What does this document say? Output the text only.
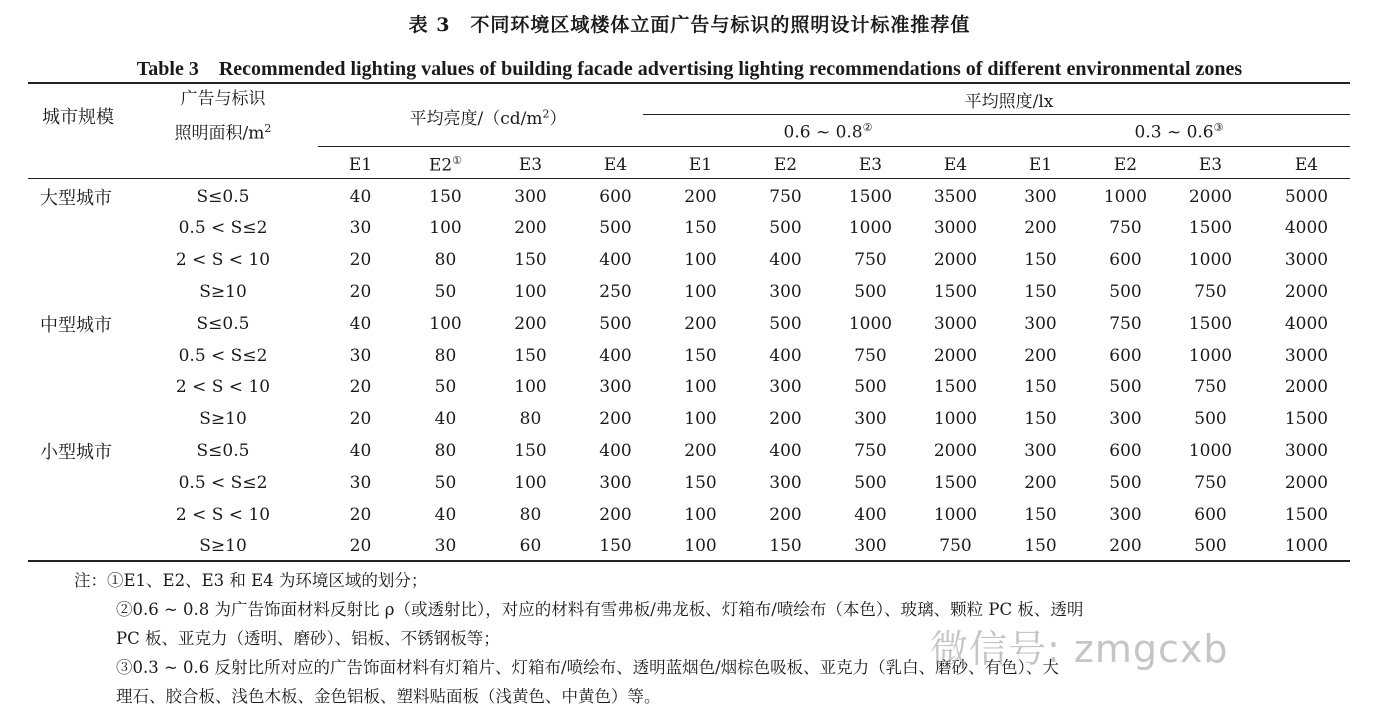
表 3　不同环境区域楼体立面广告与标识的照明设计标准推荐值
Table 3　Recommended lighting values of building facade advertising lighting recommendations of different environmental zones
城市规模	广告与标识
照明面积$/m^2$	平均亮度$/(cd/m^2)$				平均照度/lx							
						0.6 ~ 0.8②				0.3 ~ 0.6③
		E1	E2①	E3	E4	E1	E2	E3	E4	E1	E2	E3	E4
大型城市	S≤0.5	40	150	300	600	200	750	1500	3500	300	1000	2000	5000
	0.5 < S≤2	30	100	200	500	150	500	1000	3000	200	750	1500	4000
	2 < S < 10	20	80	150	400	100	400	750	2000	150	600	1000	3000
	S≥10	20	50	100	250	100	300	500	1500	150	500	750	2000
中型城市	S≤0.5	40	100	200	500	200	500	1000	3000	300	750	1500	4000
	0.5 < S≤2	30	80	150	400	150	400	750	2000	200	600	1000	3000
	2 < S < 10	20	50	100	300	100	300	500	1500	150	500	750	2000
	S≥10	20	40	80	200	100	200	300	1000	150	300	500	1500
小型城市	S≤0.5	40	80	150	400	200	400	750	2000	300	600	1000	3000
	0.5 < S≤2	30	50	100	300	150	300	500	1500	200	500	750	2000
	2 < S < 10	20	40	80	200	100	200	400	1000	150	300	600	1500
	S≥10	20	30	60	150	100	150	300	750	150	200	500	1000

注：①E1、E2、E3 和 E4 为环境区域的划分；

②0.6 ~ 0.8 为广告饰面材料反射比 ρ（或透射比），对应的材料有雪弗板/弗龙板、灯箱布/喷绘布（本色）、玻璃、颗粒 PC 板、透明

PC 板、亚克力（透明、磨砂）、铝板、不锈钢板等；

③0.3 ~ 0.6 反射比所对应的广告饰面材料有灯箱片、灯箱布/喷绘布、透明蓝烟色/烟棕色吸板、亚克力（乳白、磨砂、有色）、大

理石、胶合板、浅色木板、金色铝板、塑料贴面板（浅黄色、中黄色）等。

微信号: zmgcxb
